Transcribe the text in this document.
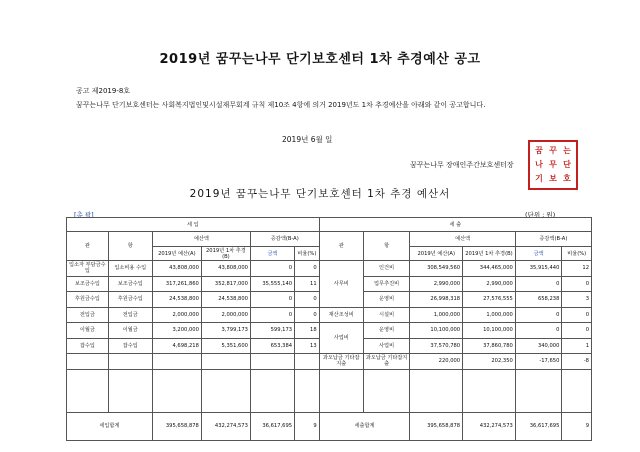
2019년 꿈꾸는나무 단기보호센터 1차 추경예산 공고
공고 제2019-8호
꿈꾸는나무 단기보호센터는 사회복지법인및시설재무회계 규칙 제10조 4항에 의거 2019년도 1차 추경예산을 아래와 같이 공고합니다.
2019년 6월 일
꿈꾸는나무 장애인주간보호센터장
꿈 꾸 는
나 무 단
기 보 호
2019년 꿈꾸는나무 단기보호센터 1차 추경 예산서
[총 괄]	(단위 : 원)
세 입						세 출					
관	항	예산액		증감액(B-A)		관	항	예산액		증감액(B-A)	
		2019년 예산(A)	2019년 1차 추경(B)	금액	비율(%)			2019년 예산(A)	2019년 1차 추경(B)	금액	비율(%)
입소자 부담금수입	입소비용 수입	43,808,000	43,808,000	0	0	사무비	인건비	308,549,560	344,465,000	35,915,440	12
보조금수입	보조금수입	317,261,860	352,817,000	35,555,140	11		업무추진비	2,990,000	2,990,000	0	0
후원금수입	후원금수입	24,538,800	24,538,800	0	0		운영비	26,998,318	27,576,555	658,238	3
전입금	전입금	2,000,000	2,000,000	0	0	재산조성비	시설비	1,000,000	1,000,000	0	0
이월금	이월금	3,200,000	3,799,173	599,173	18	사업비	운영비	10,100,000	10,100,000	0	0
잡수입	잡수입	4,698,218	5,351,600	653,384	13		사업비	37,570,780	37,860,780	340,000	1
						과오납금 기타잡지출	과오납금 기타잡지출	220,000	202,350	-17,650	-8

세입합계		395,658,878	432,274,573	36,617,695	9	세출합계		395,658,878	432,274,573	36,617,695	9
